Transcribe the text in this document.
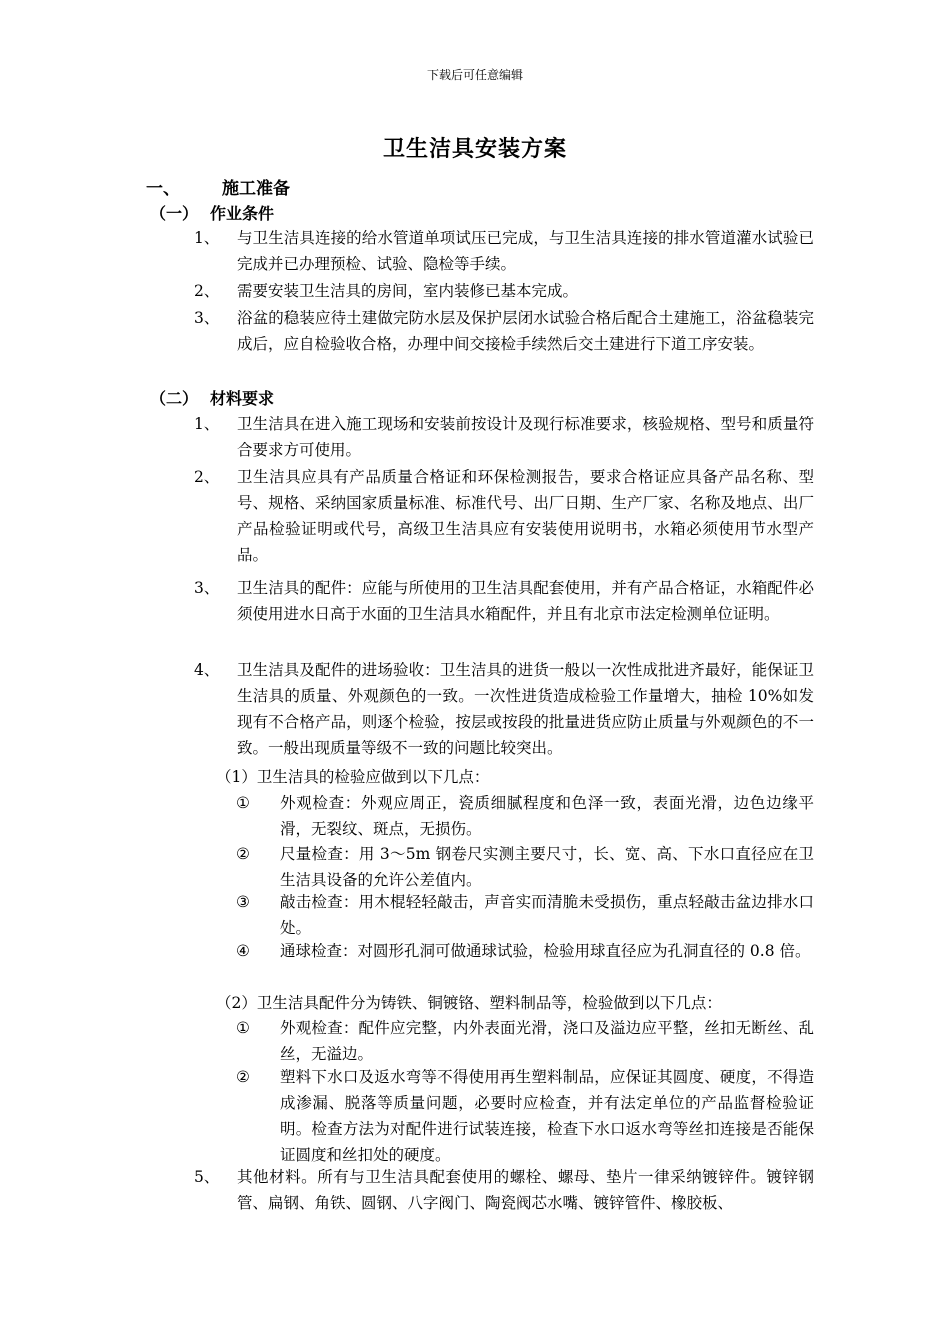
下载后可任意编辑
卫生洁具安装方案
一、 施工准备
（一） 作业条件
1、 与卫生洁具连接的给水管道单项试压已完成，与卫生洁具连接的排水管道灌水试验已完成并已办理预检、试验、隐检等手续。
2、 需要安装卫生洁具的房间，室内装修已基本完成。
3、 浴盆的稳装应待土建做完防水层及保护层闭水试验合格后配合土建施工，浴盆稳装完成后，应自检验收合格，办理中间交接检手续然后交土建进行下道工序安装。
（二） 材料要求
1、 卫生洁具在进入施工现场和安装前按设计及现行标准要求，核验规格、型号和质量符合要求方可使用。
2、 卫生洁具应具有产品质量合格证和环保检测报告，要求合格证应具备产品名称、型号、规格、采纳国家质量标准、标准代号、出厂日期、生产厂家、名称及地点、出厂产品检验证明或代号，高级卫生洁具应有安装使用说明书，水箱必须使用节水型产品。
3、 卫生洁具的配件：应能与所使用的卫生洁具配套使用，并有产品合格证，水箱配件必须使用进水日高于水面的卫生洁具水箱配件，并且有北京市法定检测单位证明。
4、 卫生洁具及配件的进场验收：卫生洁具的进货一般以一次性成批进齐最好，能保证卫生洁具的质量、外观颜色的一致。一次性进货造成检验工作量增大，抽检 10%如发现有不合格产品，则逐个检验，按层或按段的批量进货应防止质量与外观颜色的不一致。一般出现质量等级不一致的问题比较突出。
（1）卫生洁具的检验应做到以下几点：
① 外观检查：外观应周正，瓷质细腻程度和色泽一致，表面光滑，边色边缘平滑，无裂纹、斑点，无损伤。
② 尺量检查：用 3～5m 钢卷尺实测主要尺寸，长、宽、高、下水口直径应在卫生洁具设备的允许公差值内。
③ 敲击检查：用木棍轻轻敲击，声音实而清脆未受损伤，重点轻敲击盆边排水口处。
④ 通球检查：对圆形孔洞可做通球试验，检验用球直径应为孔洞直径的 0.8 倍。
（2）卫生洁具配件分为铸铁、铜镀铬、塑料制品等，检验做到以下几点：
① 外观检查：配件应完整，内外表面光滑，浇口及溢边应平整，丝扣无断丝、乱丝，无溢边。
② 塑料下水口及返水弯等不得使用再生塑料制品，应保证其圆度、硬度，不得造成渗漏、脱落等质量问题，必要时应检查，并有法定单位的产品监督检验证明。检查方法为对配件进行试装连接，检查下水口返水弯等丝扣连接是否能保证圆度和丝扣处的硬度。
5、 其他材料。所有与卫生洁具配套使用的螺栓、螺母、垫片一律采纳镀锌件。镀锌钢管、扁钢、角铁、圆钢、八字阀门、陶瓷阀芯水嘴、镀锌管件、橡胶板、
